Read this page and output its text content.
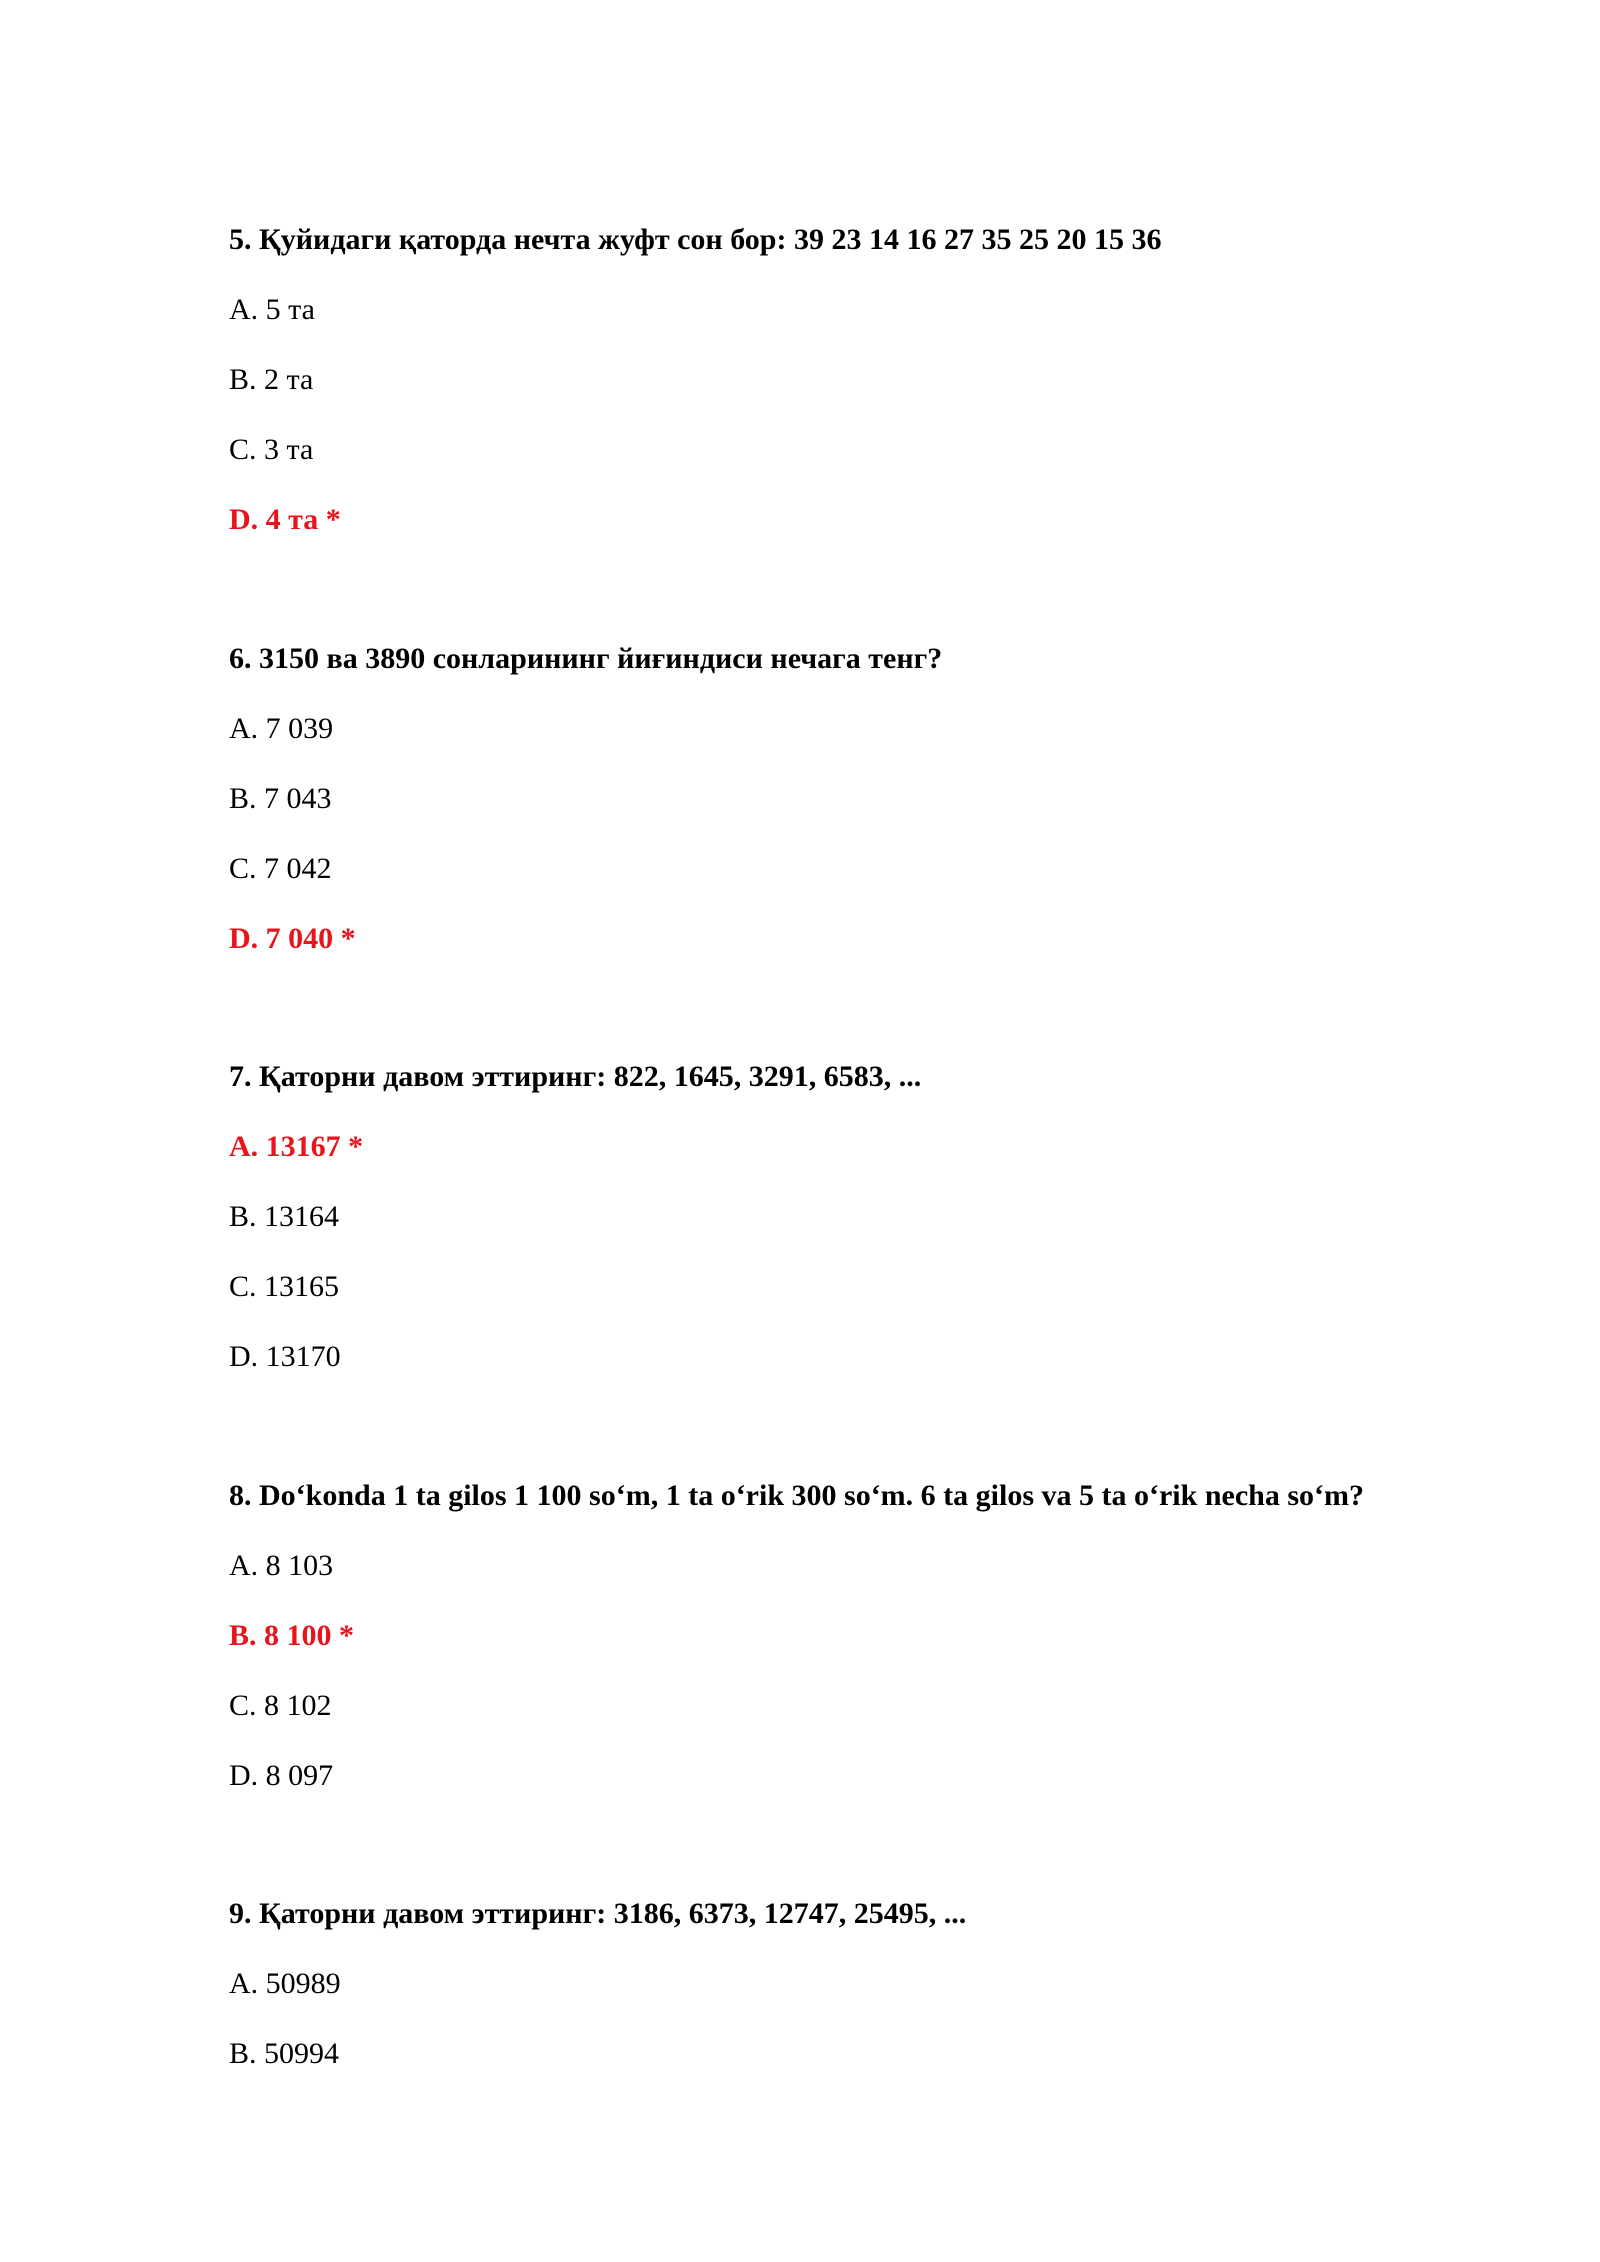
5. Қуйидаги қаторда нечта жуфт сон бор: 39 23 14 16 27 35 25 20 15 36
A. 5 та
B. 2 та
C. 3 та
D. 4 та *
6. 3150 ва 3890 сонларининг йиғиндиси нечага тенг?
A. 7 039
B. 7 043
C. 7 042
D. 7 040 *
7. Қаторни давом эттиринг: 822, 1645, 3291, 6583, ...
A. 13167 *
B. 13164
C. 13165
D. 13170
8. Do‘konda 1 ta gilos 1 100 so‘m, 1 ta o‘rik 300 so‘m. 6 ta gilos va 5 ta o‘rik necha so‘m?
A. 8 103
B. 8 100 *
C. 8 102
D. 8 097
9. Қаторни давом эттиринг: 3186, 6373, 12747, 25495, ...
A. 50989
B. 50994
